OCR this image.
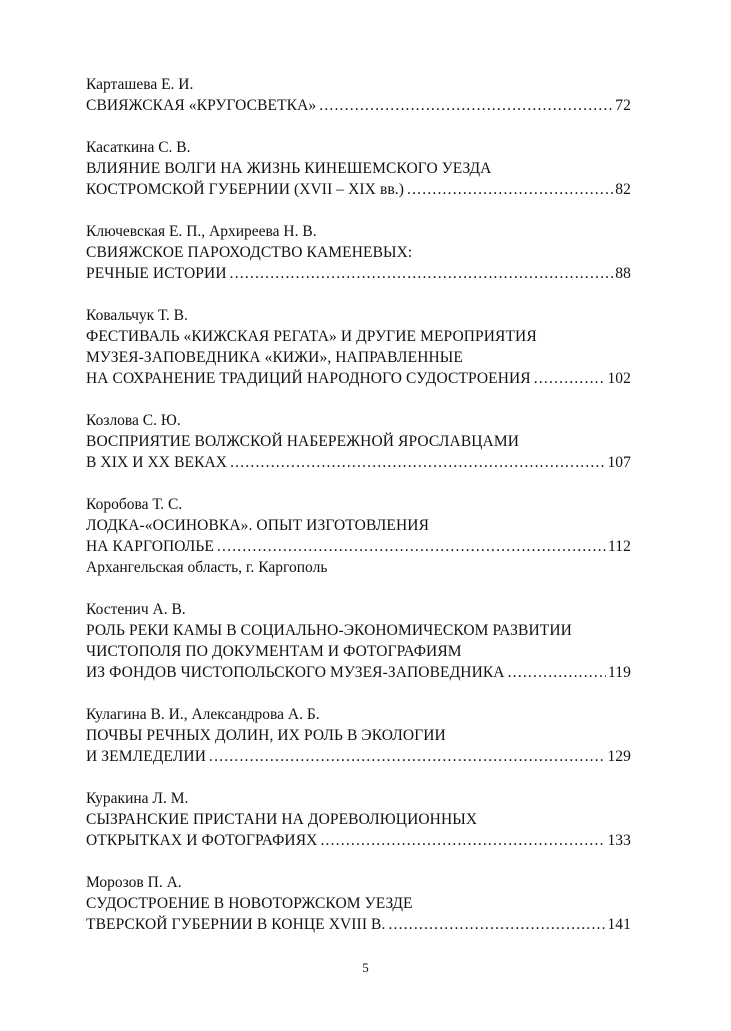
Карташева Е. И.
СВИЯЖСКАЯ «КРУГОСВЕТКА» .....	72
Касаткина С. В.
ВЛИЯНИЕ ВОЛГИ НА ЖИЗНЬ КИНЕШЕМСКОГО УЕЗДА
КОСТРОМСКОЙ ГУБЕРНИИ (XVII – XIX вв.) .....	82
Ключевская Е. П., Архиреева Н. В.
СВИЯЖСКОЕ ПАРОХОДСТВО КАМЕНЕВЫХ:
РЕЧНЫЕ ИСТОРИИ .....	88
Ковальчук Т. В.
ФЕСТИВАЛЬ «КИЖСКАЯ РЕГАТА» И ДРУГИЕ МЕРОПРИЯТИЯ
МУЗЕЯ-ЗАПОВЕДНИКА «КИЖИ», НАПРАВЛЕННЫЕ
НА СОХРАНЕНИЕ ТРАДИЦИЙ НАРОДНОГО СУДОСТРОЕНИЯ .....	102
Козлова С. Ю.
ВОСПРИЯТИЕ ВОЛЖСКОЙ НАБЕРЕЖНОЙ ЯРОСЛАВЦАМИ
В XIX И XX ВЕКАХ .....	107
Коробова Т. С.
ЛОДКА-«ОСИНОВКА». ОПЫТ ИЗГОТОВЛЕНИЯ
НА КАРГОПОЛЬЕ .....	112
Архангельская область, г. Каргополь
Костенич А. В.
РОЛЬ РЕКИ КАМЫ В СОЦИАЛЬНО-ЭКОНОМИЧЕСКОМ РАЗВИТИИ
ЧИСТОПОЛЯ ПО ДОКУМЕНТАМ И ФОТОГРАФИЯМ
ИЗ ФОНДОВ ЧИСТОПОЛЬСКОГО МУЗЕЯ-ЗАПОВЕДНИКА .....	119
Кулагина В. И., Александрова А. Б.
ПОЧВЫ РЕЧНЫХ ДОЛИН, ИХ РОЛЬ В ЭКОЛОГИИ
И ЗЕМЛЕДЕЛИИ .....	129
Куракина Л. М.
СЫЗРАНСКИЕ ПРИСТАНИ НА ДОРЕВОЛЮЦИОННЫХ
ОТКРЫТКАХ И ФОТОГРАФИЯХ .....	133
Морозов П. А.
СУДОСТРОЕНИЕ В НОВОТОРЖСКОМ УЕЗДЕ
ТВЕРСКОЙ ГУБЕРНИИ В КОНЦЕ XVIII В. .....	141
5
